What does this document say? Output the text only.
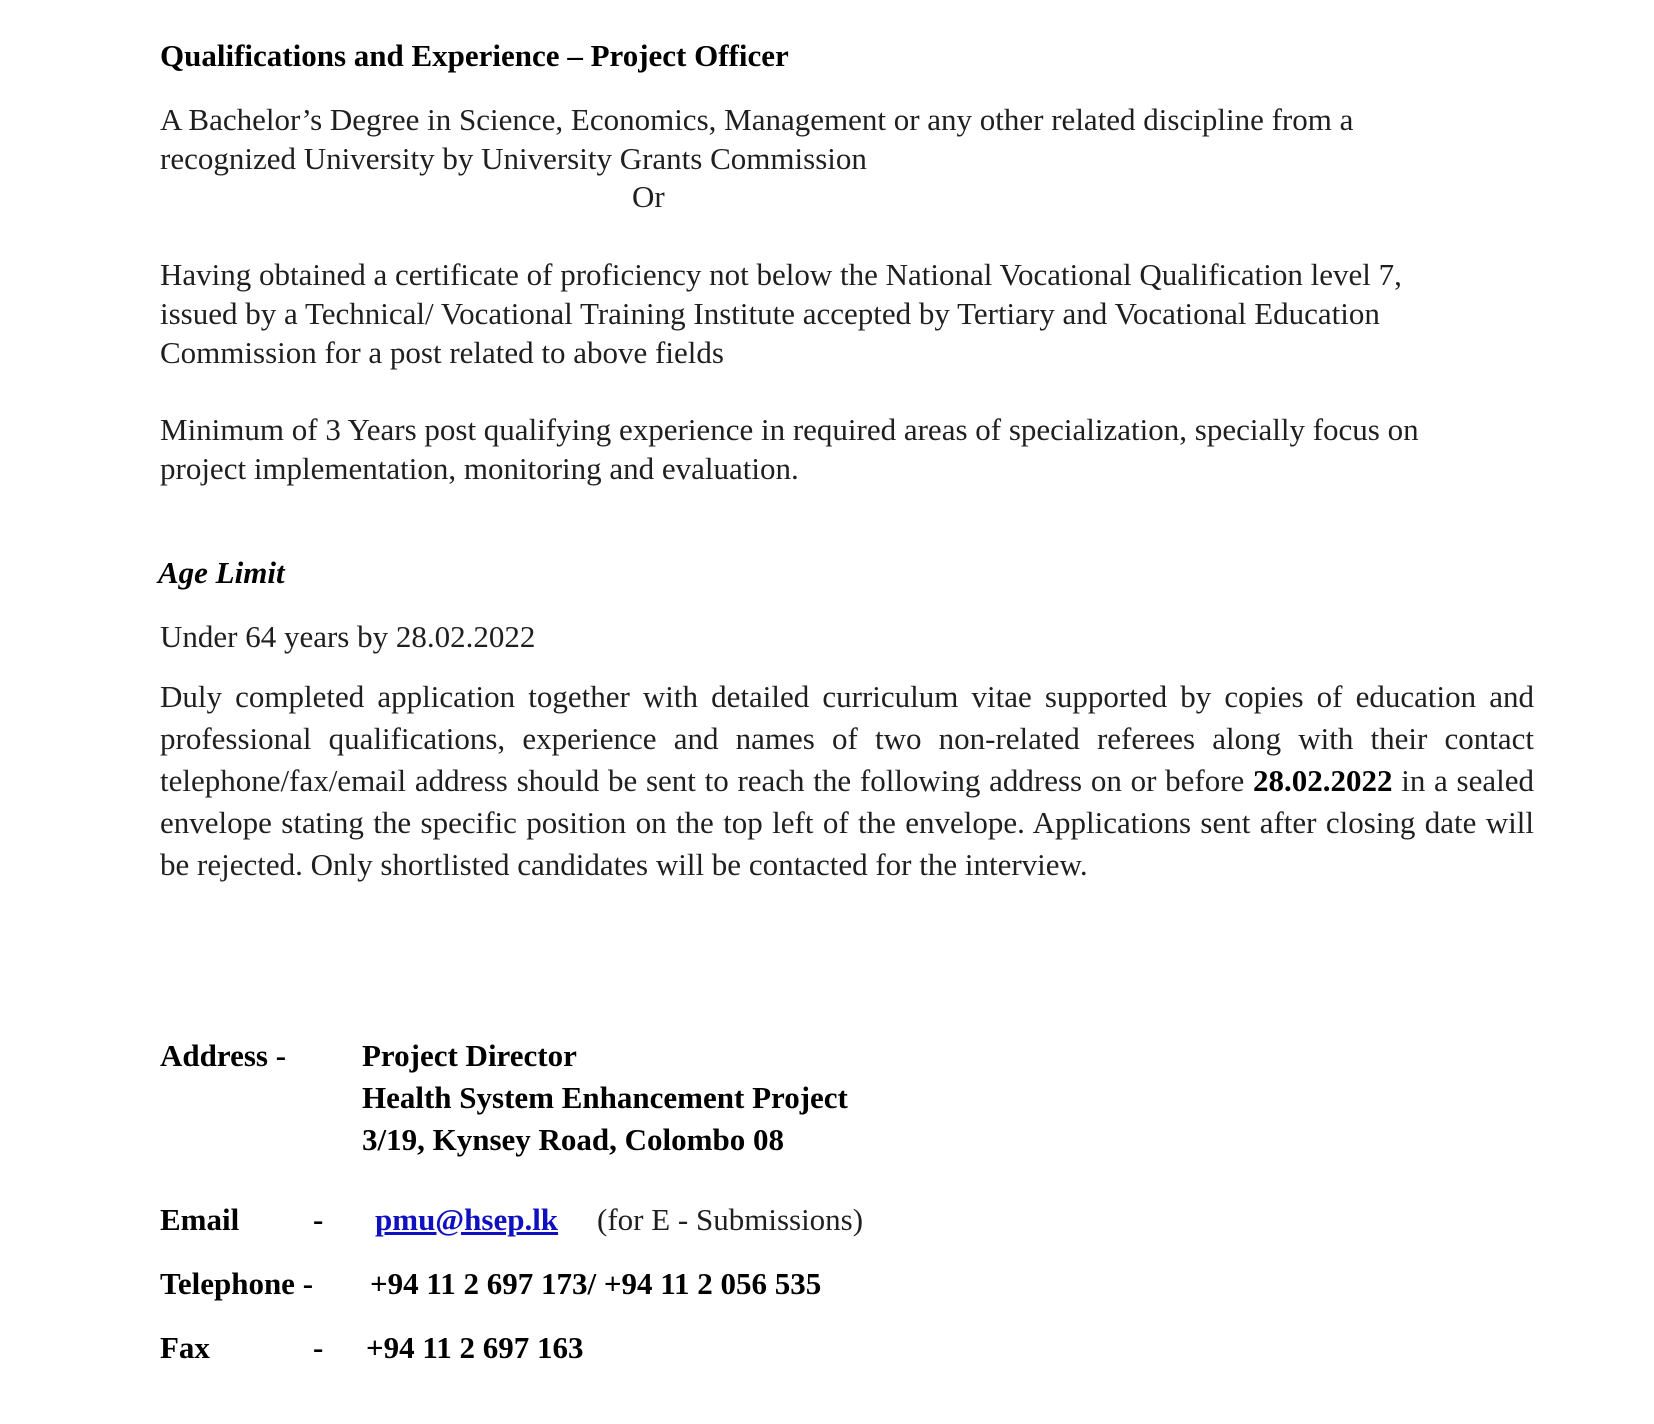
Qualifications and Experience – Project Officer

A Bachelor’s Degree in Science, Economics, Management or any other related discipline from a

recognized University by University Grants Commission

Or

Having obtained a certificate of proficiency not below the National Vocational Qualification level 7,

issued by a Technical/ Vocational Training Institute accepted by Tertiary and Vocational Education

Commission for a post related to above fields

Minimum of 3 Years post qualifying experience in required areas of specialization, specially focus on

project implementation, monitoring and evaluation.

Age Limit

Under 64 years by 28.02.2022

Duly completed application together with detailed curriculum vitae supported by copies of education and professional qualifications, experience and names of two non-related referees along with their contact telephone/fax/email address should be sent to reach the following address on or before 28.02.2022 in a sealed envelope stating the specific position on the top left of the envelope. Applications sent after closing date will be rejected. Only shortlisted candidates will be contacted for the interview.

Address - Project Director

Health System Enhancement Project

3/19, Kynsey Road, Colombo 08

Email - pmu@hsep.lk (for E - Submissions)

Telephone - +94 11 2 697 173/ +94 11 2 056 535

Fax	- +94 11 2 697 163
